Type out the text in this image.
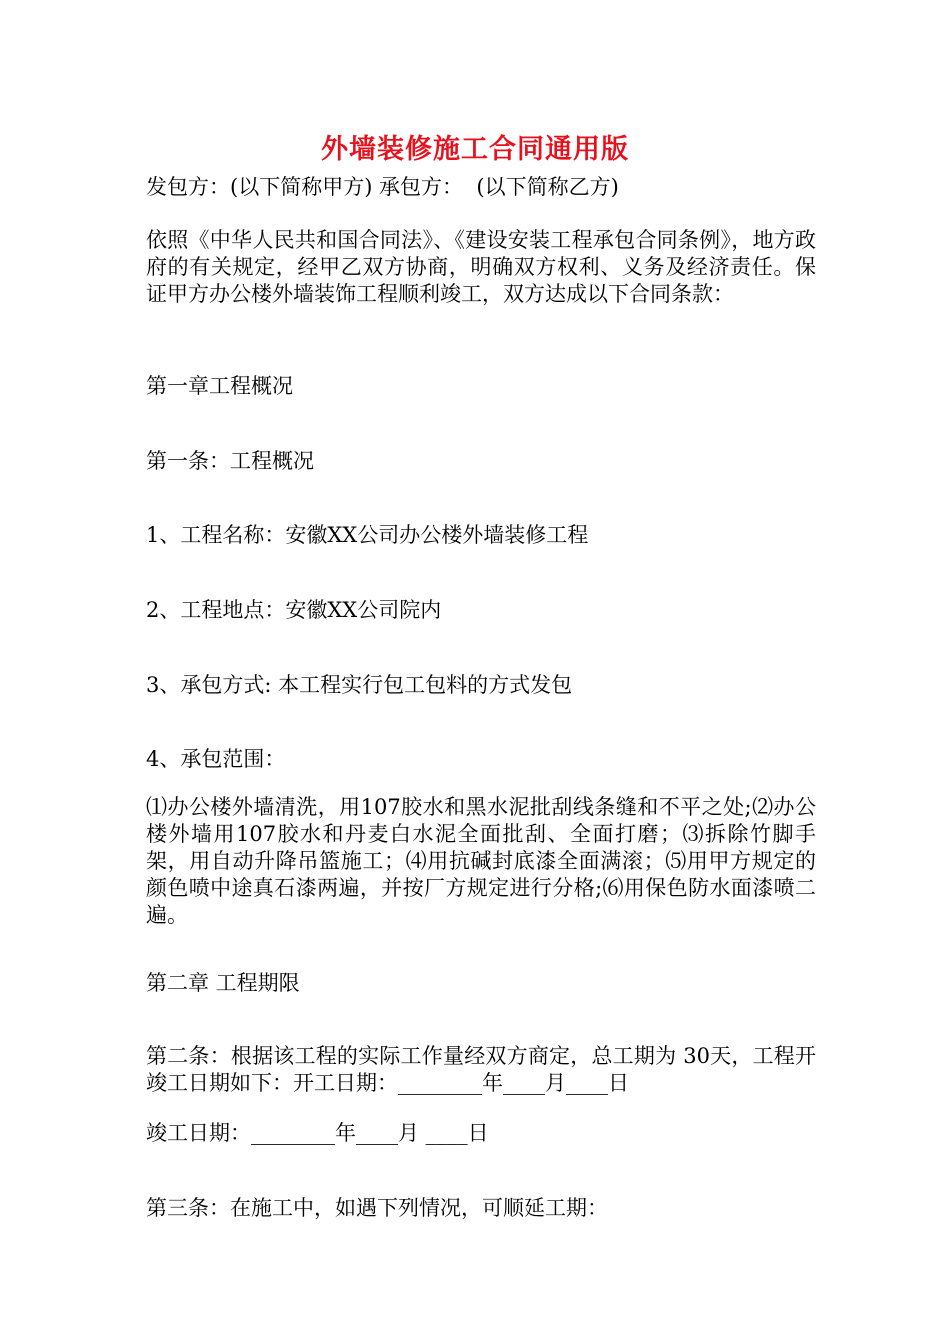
外墙装修施工合同通用版

发包方：(以下简称甲方) 承包方：  (以下简称乙方)

依照《中华人民共和国合同法》、《建设安装工程承包合同条例》，地方政府的有关规定，经甲乙双方协商，明确双方权利、义务及经济责任。保证甲方办公楼外墙装饰工程顺利竣工，双方达成以下合同条款：

第一章工程概况

第一条：工程概况

1、工程名称：安徽XX公司办公楼外墙装修工程

2、工程地点：安徽XX公司院内

3、承包方式: 本工程实行包工包料的方式发包

4、承包范围：

⑴办公楼外墙清洗，用107胶水和黑水泥批刮线条缝和不平之处;⑵办公楼外墙用107胶水和丹麦白水泥全面批刮、全面打磨；⑶拆除竹脚手架，用自动升降吊篮施工；⑷用抗碱封底漆全面满滚；⑸用甲方规定的颜色喷中途真石漆两遍，并按厂方规定进行分格;⑹用保色防水面漆喷二遍。

第二章 工程期限

第二条：根据该工程的实际工作量经双方商定，总工期为 30天，工程开竣工日期如下：开工日期：________年____月____日

竣工日期：________年____月 ____日

第三条：在施工中，如遇下列情况，可顺延工期：
